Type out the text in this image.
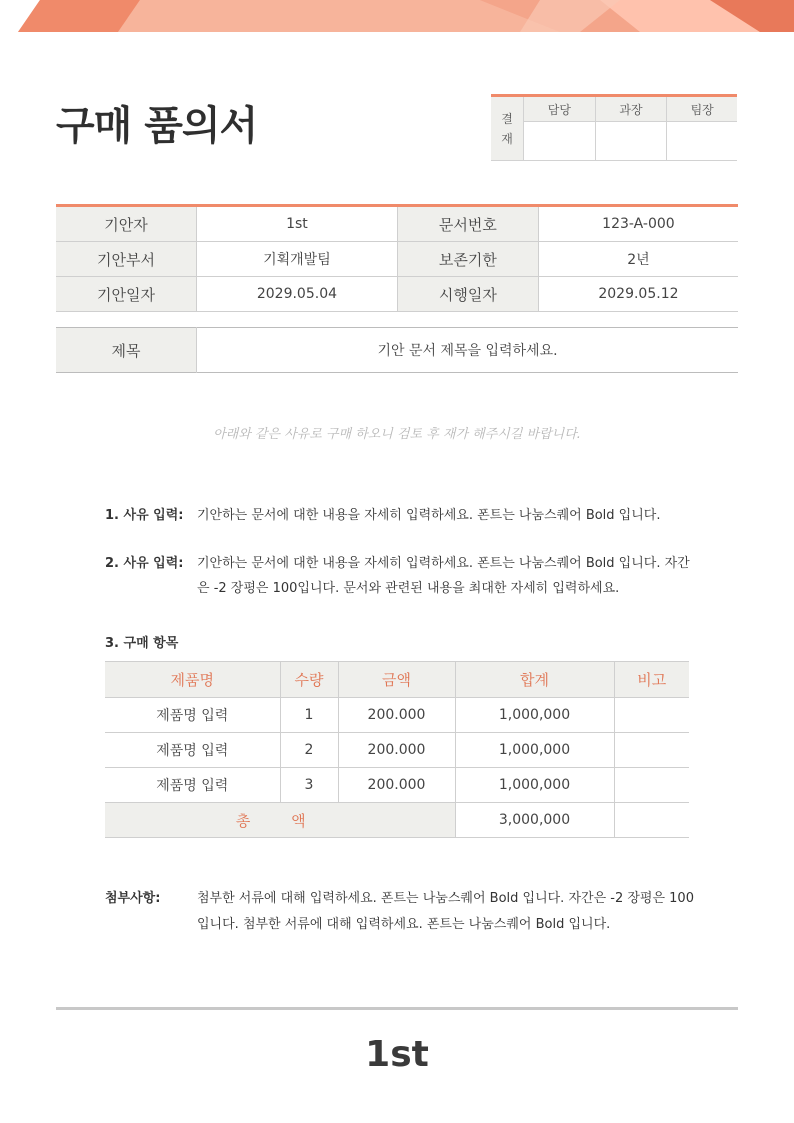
구매 품의서	결
재	담당	과장	팀장

기안자	1st	문서번호	123-A-000
기안부서	기획개발팀	보존기한	2년
기안일자	2029.05.04	시행일자	2029.05.12
제목	기안 문서 제목을 입력하세요.
아래와 같은 사유로 구매 하오니 검토 후 재가 해주시길 바랍니다.
1. 사유 입력:	기안하는 문서에 대한 내용을 자세히 입력하세요. 폰트는 나눔스퀘어 Bold 입니다.
2. 사유 입력:	기안하는 문서에 대한 내용을 자세히 입력하세요. 폰트는 나눔스퀘어 Bold 입니다. 자간은 -2 장평은 100입니다. 문서와 관련된 내용을 최대한 자세히 입력하세요.
3. 구매 항목
제품명	수량	금액	합계	비고
제품명 입력	1	200.000	1,000,000	
제품명 입력	2	200.000	1,000,000	
제품명 입력	3	200.000	1,000,000	
총 액			3,000,000	
첨부사항:	첨부한 서류에 대해 입력하세요. 폰트는 나눔스퀘어 Bold 입니다. 자간은 -2 장평은 100입니다. 첨부한 서류에 대해 입력하세요. 폰트는 나눔스퀘어 Bold 입니다.
1st
